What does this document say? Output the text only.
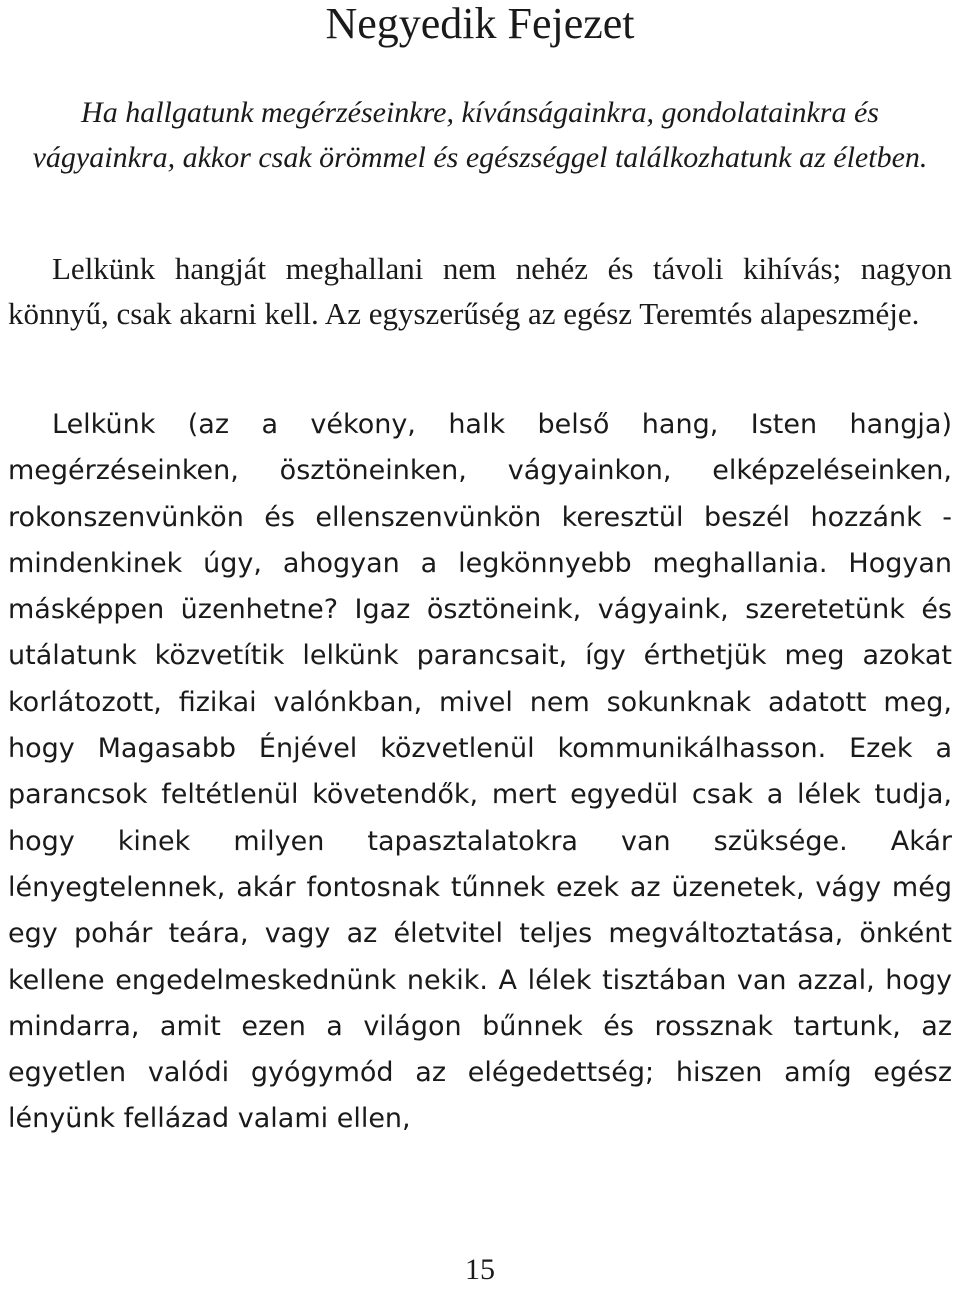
Negyedik Fejezet

Ha hallgatunk megérzéseinkre, kívánságainkra, gondolatainkra és vágyainkra, akkor csak örömmel és egészséggel találkozhatunk az életben.

Lelkünk hangját meghallani nem nehéz és távoli kihívás; nagyon könnyű, csak akarni kell. Az egyszerűség az egész Teremtés alapeszméje.

Lelkünk (az a vékony, halk belső hang, Isten hangja) megérzéseinken, ösztöneinken, vágyainkon, elképzeléseinken, rokonszenvünkön és ellenszenvünkön keresztül beszél hozzánk - mindenkinek úgy, ahogyan a legkönnyebb meghallania. Hogyan másképpen üzenhetne? Igaz ösztöneink, vágyaink, szeretetünk és utálatunk közvetítik lelkünk parancsait, így érthetjük meg azokat korlátozott, fizikai valónkban, mivel nem sokunknak adatott meg, hogy Magasabb Énjével közvetlenül kommunikálhasson. Ezek a parancsok feltétlenül követendők, mert egyedül csak a lélek tudja, hogy kinek milyen tapasztalatokra van szüksége. Akár lényegtelennek, akár fontosnak tűnnek ezek az üzenetek, vágy még egy pohár teára, vagy az életvitel teljes megváltoztatása, önként kellene engedelmeskednünk nekik. A lélek tisztában van azzal, hogy mindarra, amit ezen a világon bűnnek és rossznak tartunk, az egyetlen valódi gyógymód az elégedettség; hiszen amíg egész lényünk fellázad valami ellen,

15
